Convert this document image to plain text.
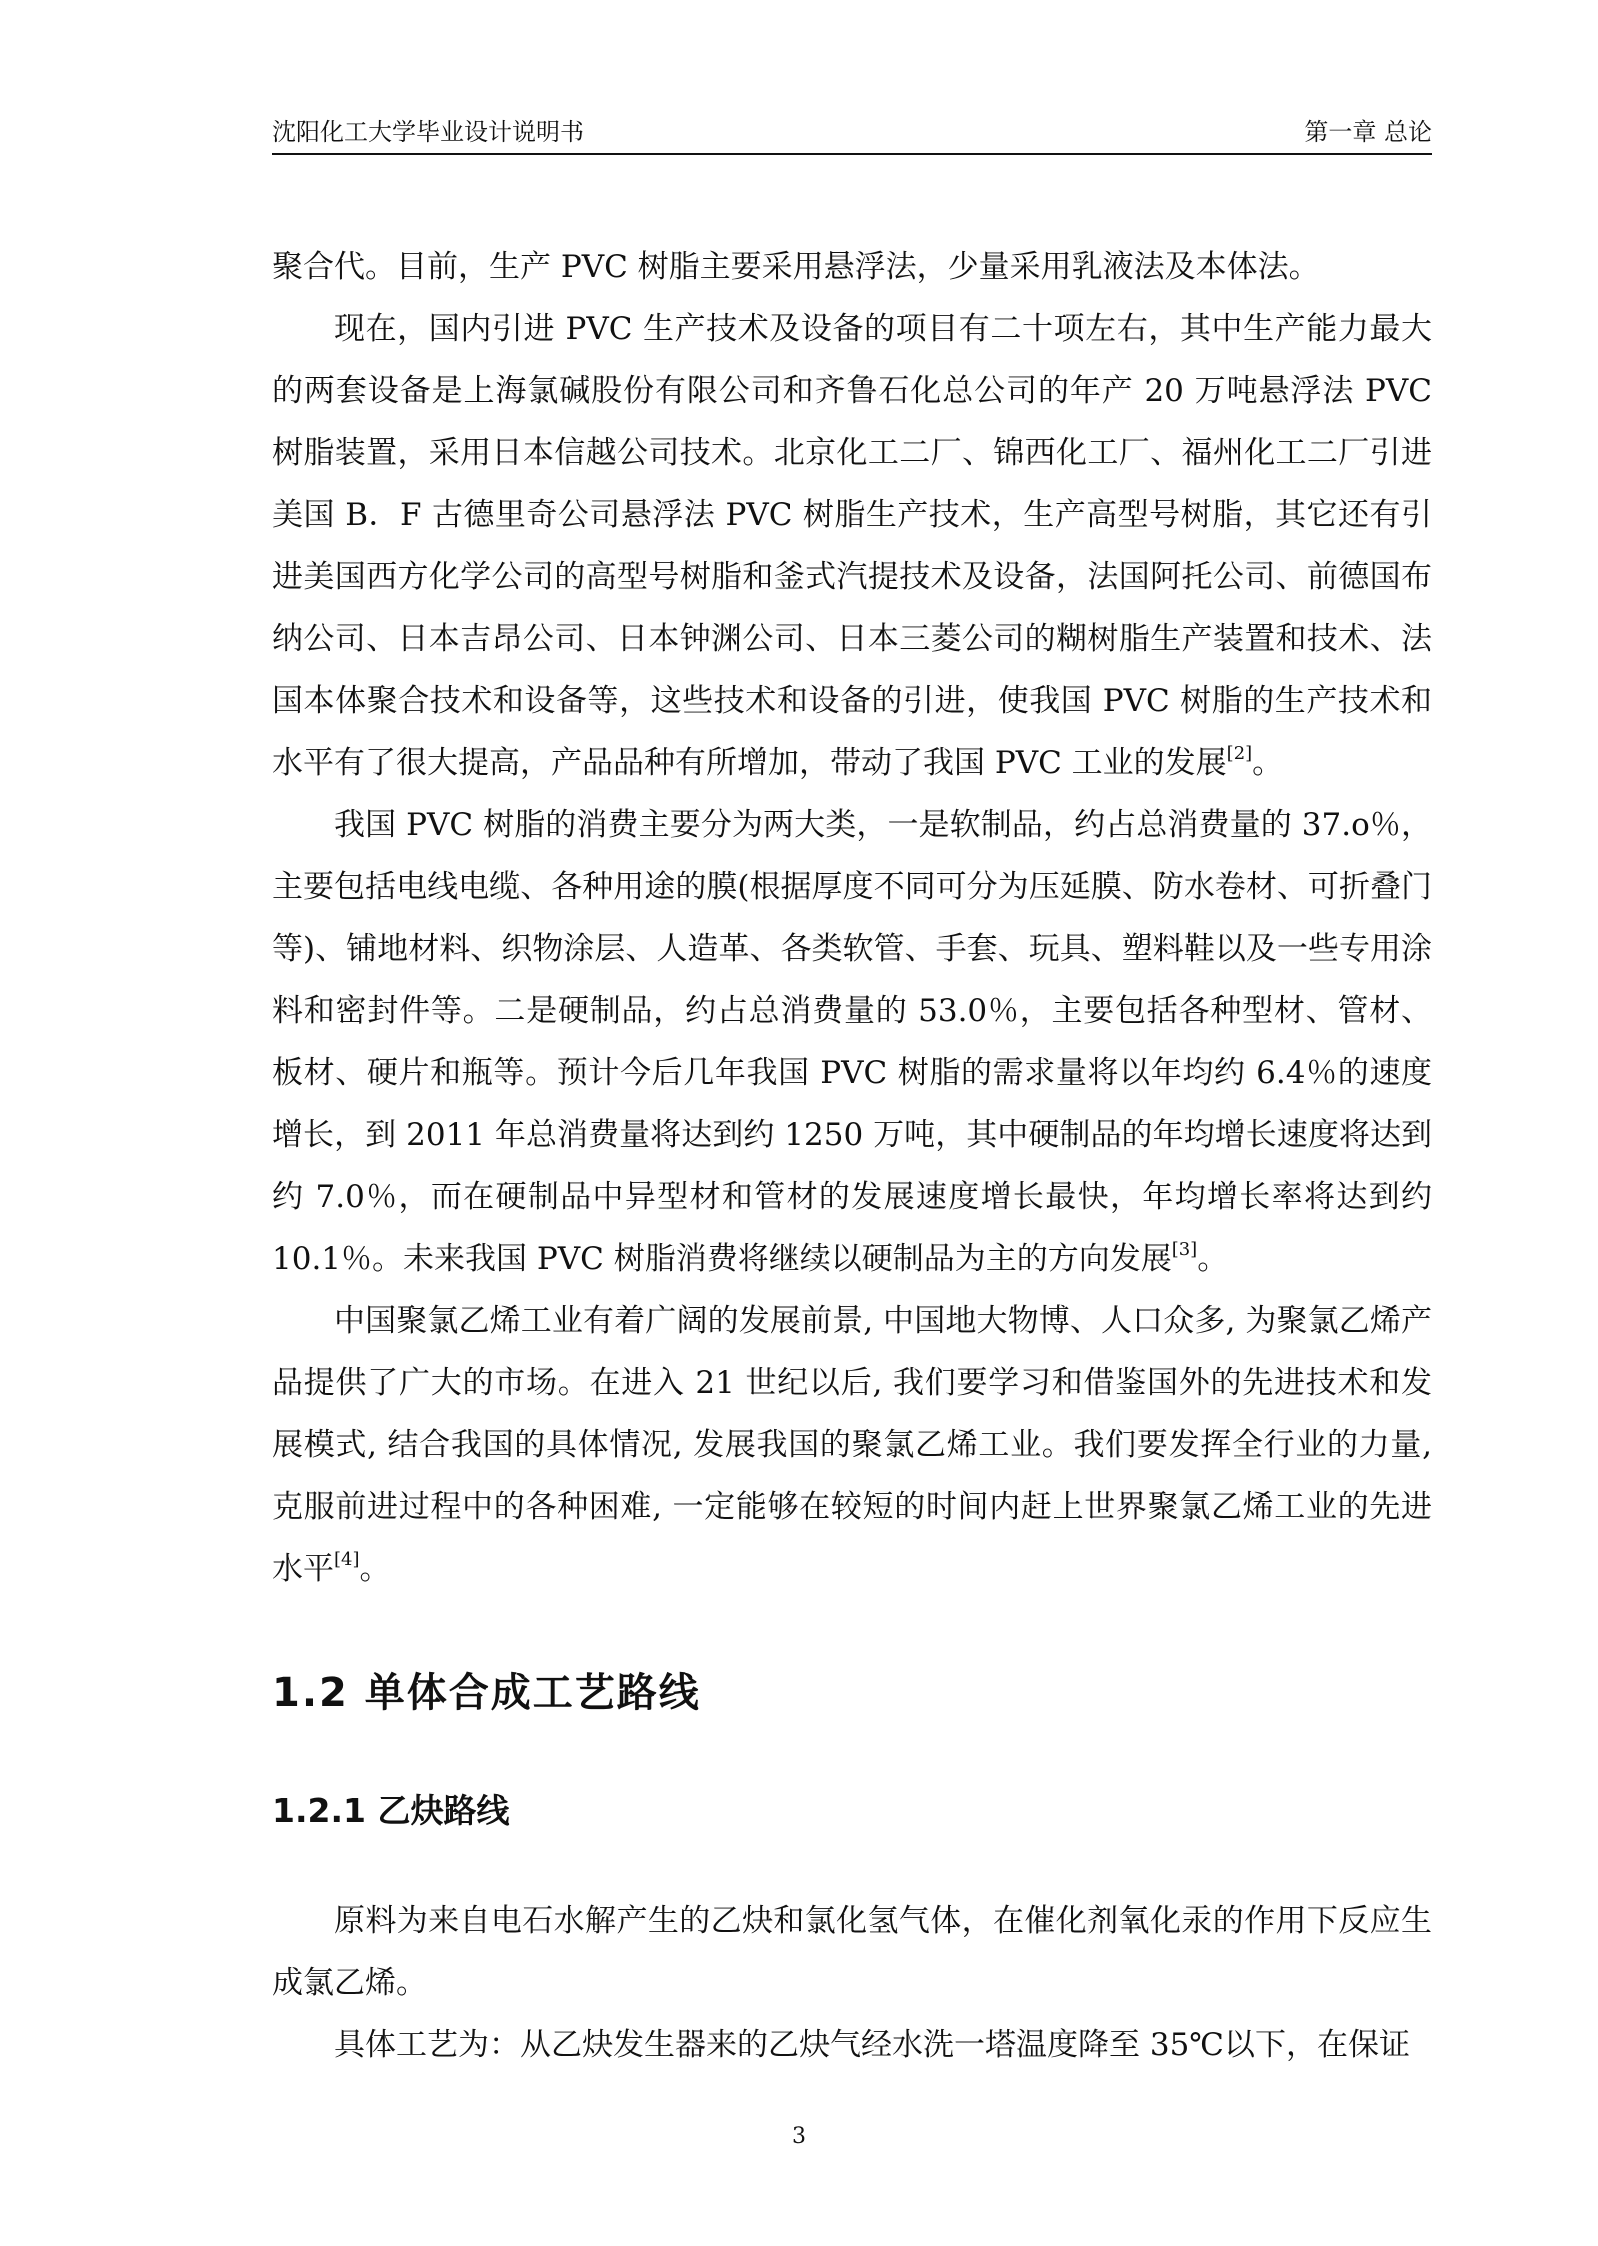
沈阳化工大学毕业设计说明书	第一章 总论

聚合代。目前，生产 PVC 树脂主要采用悬浮法，少量采用乳液法及本体法。

现在，国内引进 PVC 生产技术及设备的项目有二十项左右，其中生产能力最大的两套设备是上海氯碱股份有限公司和齐鲁石化总公司的年产 20 万吨悬浮法 PVC 树脂装置，采用日本信越公司技术。北京化工二厂、锦西化工厂、福州化工二厂引进美国 B．F 古德里奇公司悬浮法 PVC 树脂生产技术，生产高型号树脂，其它还有引进美国西方化学公司的高型号树脂和釜式汽提技术及设备，法国阿托公司、前德国布纳公司、日本吉昂公司、日本钟渊公司、日本三菱公司的糊树脂生产装置和技术、法国本体聚合技术和设备等，这些技术和设备的引进，使我国 PVC 树脂的生产技术和水平有了很大提高，产品品种有所增加，带动了我国 PVC 工业的发展[2]。

我国 PVC 树脂的消费主要分为两大类，一是软制品，约占总消费量的 37.o％，主要包括电线电缆、各种用途的膜(根据厚度不同可分为压延膜、防水卷材、可折叠门等)、铺地材料、织物涂层、人造革、各类软管、手套、玩具、塑料鞋以及一些专用涂料和密封件等。二是硬制品，约占总消费量的 53.0％，主要包括各种型材、管材、板材、硬片和瓶等。预计今后几年我国 PVC 树脂的需求量将以年均约 6.4％的速度增长，到 2011 年总消费量将达到约 1250 万吨，其中硬制品的年均增长速度将达到约 7.0％，而在硬制品中异型材和管材的发展速度增长最快，年均增长率将达到约 10.1％。未来我国 PVC 树脂消费将继续以硬制品为主的方向发展[3]。

中国聚氯乙烯工业有着广阔的发展前景, 中国地大物博、人口众多, 为聚氯乙烯产品提供了广大的市场。在进入 21 世纪以后, 我们要学习和借鉴国外的先进技术和发展模式, 结合我国的具体情况, 发展我国的聚氯乙烯工业。我们要发挥全行业的力量, 克服前进过程中的各种困难, 一定能够在较短的时间内赶上世界聚氯乙烯工业的先进水平[4]。

1.2 单体合成工艺路线
1.2.1 乙炔路线

原料为来自电石水解产生的乙炔和氯化氢气体，在催化剂氧化汞的作用下反应生成氯乙烯。

具体工艺为：从乙炔发生器来的乙炔气经水洗一塔温度降至 35℃以下，在保证

3
